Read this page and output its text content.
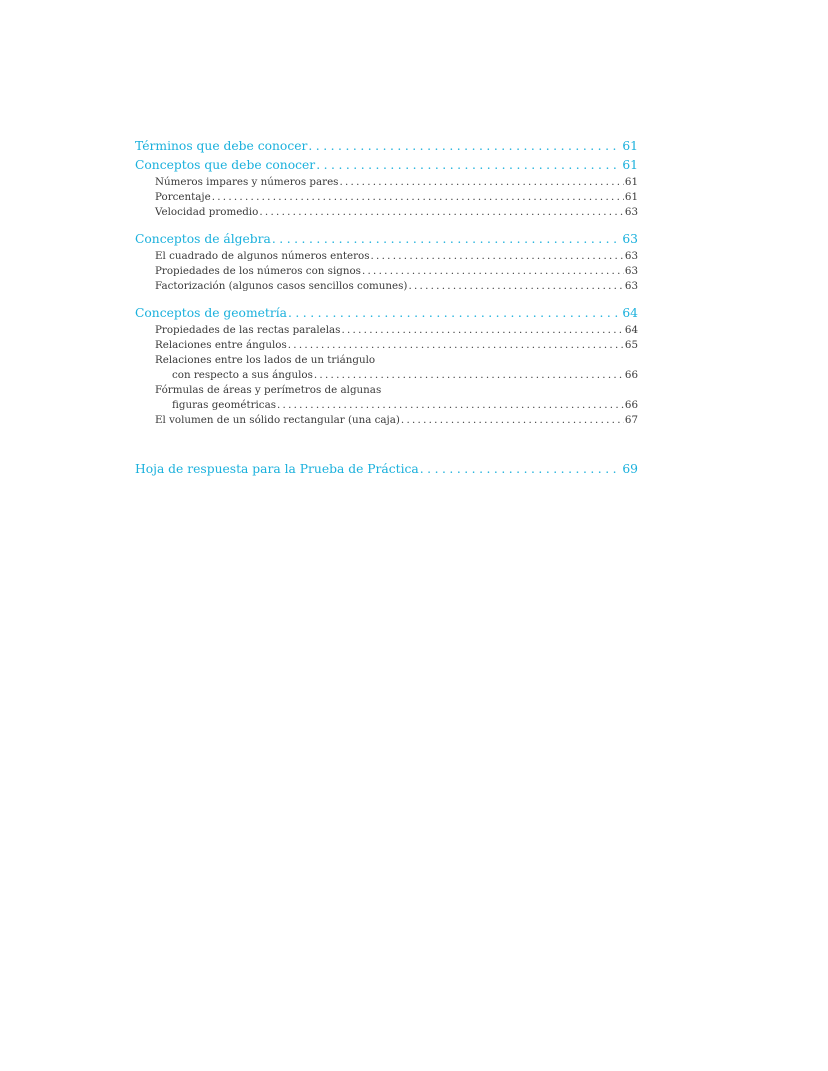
Términos que debe conocer . . .	61
Conceptos que debe conocer . . .	61
Números impares y números pares . . .	61
Porcentaje . . .	61
Velocidad promedio . . .	63
Conceptos de álgebra . . .	63
El cuadrado de algunos números enteros . . .	63
Propiedades de los números con signos . . .	63
Factorización (algunos casos sencillos comunes) . . .	63
Conceptos de geometría . . .	64
Propiedades de las rectas paralelas . . .	64
Relaciones entre ángulos . . .	65
Relaciones entre los lados de un triángulo
con respecto a sus ángulos . . .	66
Fórmulas de áreas y perímetros de algunas
figuras geométricas . . .	66
El volumen de un sólido rectangular (una caja) . . .	67
Hoja de respuesta para la Prueba de Práctica . . .	69
